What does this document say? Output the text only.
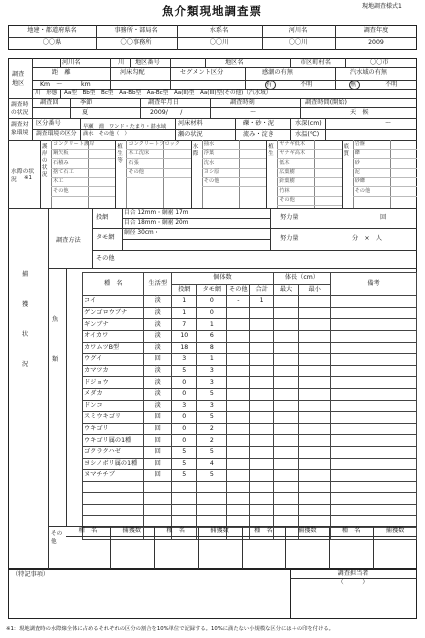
魚介類現地調査票	現地調査様式1
地建・都道府県名	事務所・部局名	水系名	河川名	調査年度
〇〇県	〇〇事務所	〇〇川	〇〇川	2009
調査地区
河川名	川 地区番号	地区名	市区町村名	〇〇市
距　離	河床勾配	セグメント区分	感潮の有無	汽水域の有無
Km　〜　　　km	有	不明	無	不明
川　形態 Aa型　Bb型　Bc型　Aa-Bb型　Aa-Bc型　Aa(II)型　Aa(III)型(その他)（汽水域）
調査時の状況
調査回	季節	調査年月日	調査時刻	調査時間(開始)
夏	2009/　　/	〜	天　候
調査対象環境
区分番号
調査環境の区分
早瀬　淵　ワンド・たまり・湛水域　満水　その他（　）
河床材料	礫・砂・泥	水深(cm)	〜
流み・淀き	水温(℃)
瀬の状況
水際の状況	※1
護岸の状況
コンクリート護岸
鋼矢板
石積み
捨て石工
木工
その他
植生等
コンクリートブロック
木工沈床
石張
その他
水際
抽水
浮葉
沈水
ヨシ原
その他
植生
ヤナギ低木
ヤナギ高木
低木
広葉樹
針葉樹
竹林
その他
底質
岩盤
礫
砂
泥
砂礫
その他
捕獲状況
調査方法
投網
目合 12mm・網裾 17m
目合 18mm・網裾 20m
タモ網
網径 30cm・
その他
努力量	回
努力量	分　×　人
魚類
種　名	生活型	個体数				体長（cm）		備考
		投網	タモ網	その他	合計	最大	最小	
コイ	淡	1	0	-	1			
ゲンゴロウブナ	淡	1	0					
ギンブナ	淡	7	1					
オイカワ	淡	10	6					
カワムツB型	淡	18	8					
ウグイ	回	3	1					
カマツカ	淡	5	3					
ドジョウ	淡	0	3					
メダカ	淡	0	5					
ドンコ	淡	3	3					
スミウキゴリ	回	0	5					
ウキゴリ	回	0	2					
ウキゴリ属の1種	回	0	2					
ゴクラクハゼ	回	5	5					
ヨシノボリ属の1種	回	5	4					
ヌマチチブ	回	5	5					

その他
種　名	捕獲数	種　名	捕獲数	種　名	捕獲数	種　名	捕獲数
（特記事項）	調査担当者
（　　　）
※1：現地調査時の水際線全体に占めるそれぞれの区分の割合を10%単位で記録する。10%に満たない小規模な区分には＋の印を付ける。
